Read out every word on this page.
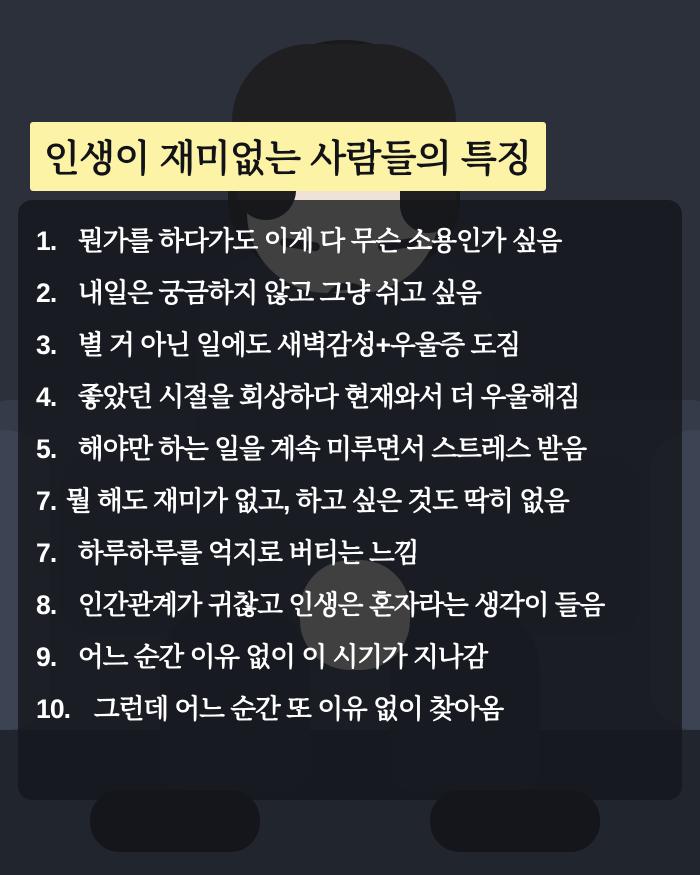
인생이 재미없는 사람들의 특징
1. 뭔가를 하다가도 이게 다 무슨 소용인가 싶음
2. 내일은 궁금하지 않고 그냥 쉬고 싶음
3. 별 거 아닌 일에도 새벽감성+우울증 도짐
4. 좋았던 시절을 회상하다 현재와서 더 우울해짐
5. 해야만 하는 일을 계속 미루면서 스트레스 받음
7. 뭘 해도 재미가 없고, 하고 싶은 것도 딱히 없음
7. 하루하루를 억지로 버티는 느낌
8. 인간관계가 귀찮고 인생은 혼자라는 생각이 들음
9. 어느 순간 이유 없이 이 시기가 지나감
10. 그런데 어느 순간 또 이유 없이 찾아옴
